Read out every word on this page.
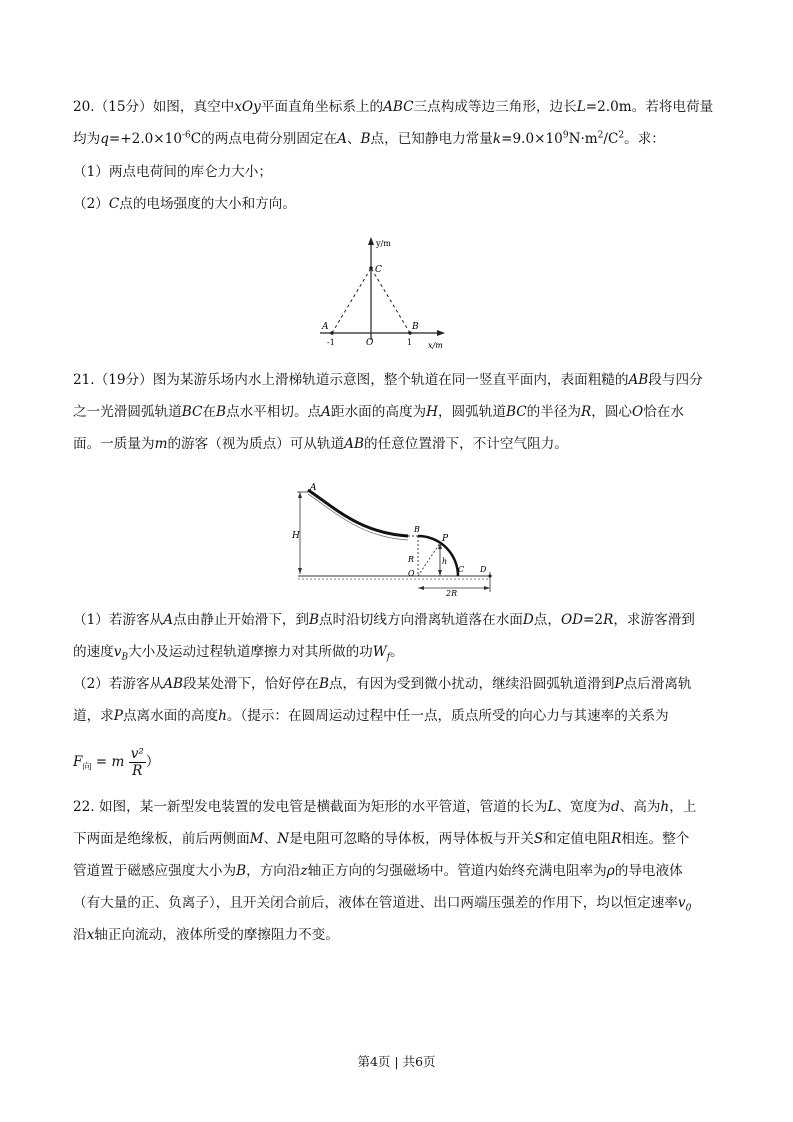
20.（15分）如图，真空中xOy平面直角坐标系上的ABC三点构成等边三角形，边长L=2.0m。若将电荷量
均为$q=+2.0\times 10^{-6}C$的两点电荷分别固定在A、B点，已知静电力常量$k=9.0\times 10^9N\cdot m^2/C^2$。求：
（1）两点电荷间的库仑力大小；
（2）C点的电场强度的大小和方向。
y/m
x/m
C
A	B
O
-1	1
21.（19分）图为某游乐场内水上滑梯轨道示意图，整个轨道在同一竖直平面内，表面粗糙的AB段与四分
之一光滑圆弧轨道BC在B点水平相切。点A距水面的高度为H，圆弧轨道BC的半径为R，圆心O恰在水
面。一质量为m的游客（视为质点）可从轨道AB的任意位置滑下，不计空气阻力。
A
H
B
R
P
O	C D
h
2R
（1）若游客从A点由静止开始滑下，到B点时沿切线方向滑离轨道落在水面D点，OD=2R，求游客滑到
的速度$v_B$大小及运动过程轨道摩擦力对其所做的功$W_f$。
（2）若游客从AB段某处滑下，恰好停在B点，有因为受到微小扰动，继续沿圆弧轨道滑到P点后滑离轨
道，求P点离水面的高度h。（提示：在圆周运动过程中任一点，质点所受的向心力与其速率的关系为
$F_向 = m \frac{\text{v²}}{R}$ ）
22. 如图，某一新型发电装置的发电管是横截面为矩形的水平管道，管道的长为L、宽度为d、高为h，上
下两面是绝缘板，前后两侧面M、N是电阻可忽略的导体板，两导体板与开关S和定值电阻R相连。整个
管道置于磁感应强度大小为B，方向沿z轴正方向的匀强磁场中。管道内始终充满电阻率为ρ的导电液体
（有大量的正、负离子），且开关闭合前后，液体在管道进、出口两端压强差的作用下，均以恒定速率$v_0$
沿x轴正向流动，液体所受的摩擦阻力不变。
第4页 | 共6页
